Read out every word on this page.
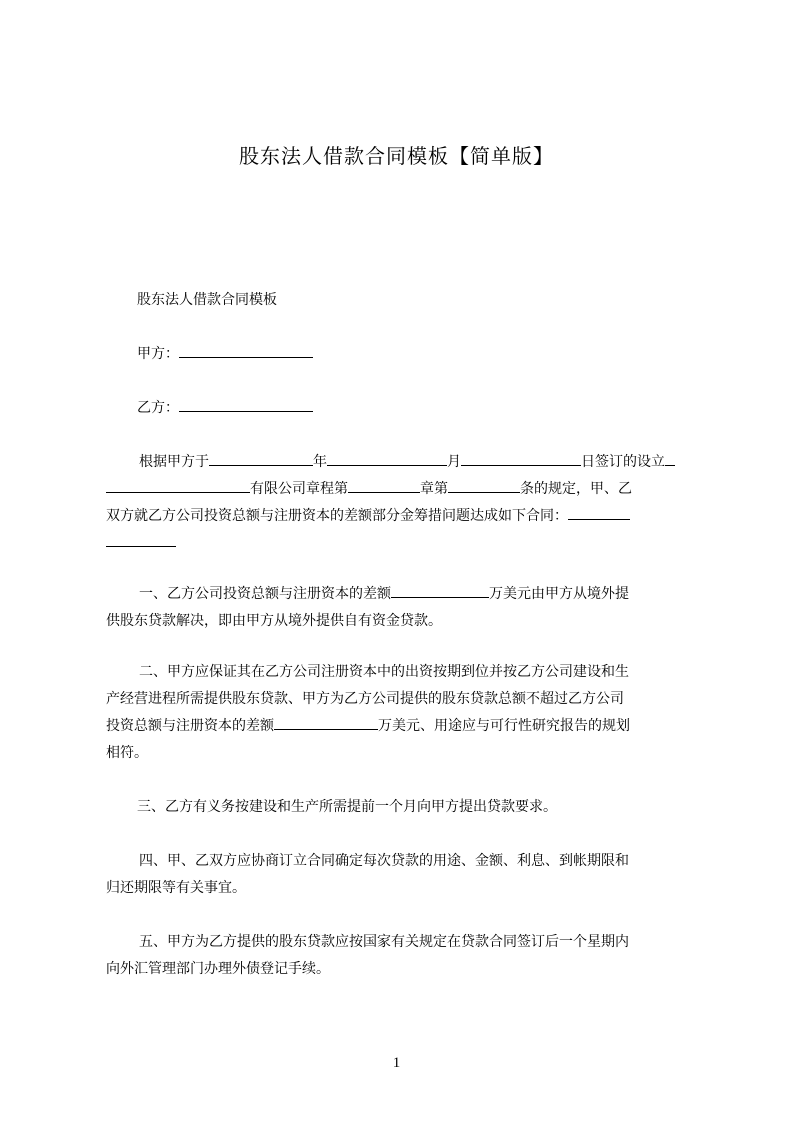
股东法人借款合同模板【简单版】
股东法人借款合同模板
甲方：
乙方：
根据甲方于	年	月	日签订的设立
有限公司章程第	章第	条的规定，甲、乙
双方就乙方公司投资总额与注册资本的差额部分金筹措问题达成如下合同：
一、乙方公司投资总额与注册资本的差额	万美元由甲方从境外提
供股东贷款解决，即由甲方从境外提供自有资金贷款。
二、甲方应保证其在乙方公司注册资本中的出资按期到位并按乙方公司建设和生
产经营进程所需提供股东贷款、甲方为乙方公司提供的股东贷款总额不超过乙方公司
投资总额与注册资本的差额	万美元、用途应与可行性研究报告的规划
相符。
三、乙方有义务按建设和生产所需提前一个月向甲方提出贷款要求。
四、甲、乙双方应协商订立合同确定每次贷款的用途、金额、利息、到帐期限和
归还期限等有关事宜。
五、甲方为乙方提供的股东贷款应按国家有关规定在贷款合同签订后一个星期内
向外汇管理部门办理外债登记手续。
1
